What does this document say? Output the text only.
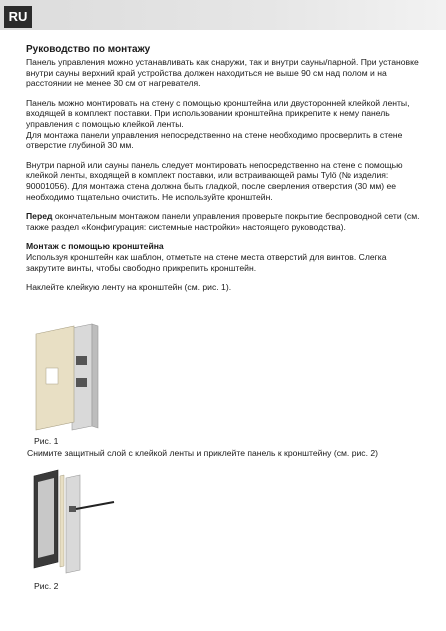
RU
Руководство по монтажу

Панель управления можно устанавливать как снаружи, так и внутри сауны/парной. При установке внутри сауны верхний край устройства должен находиться не выше 90 см над полом и на расстоянии не менее 30 см от нагревателя.

Панель можно монтировать на стену с помощью кронштейна или двусторонней клейкой ленты, входящей в комплект поставки. При использовании кронштейна прикрепите к нему панель управления с помощью клейкой ленты.

Для монтажа панели управления непосредственно на стене необходимо просверлить в стене отверстие глубиной 30 мм.

Внутри парной или сауны панель следует монтировать непосредственно на стене с помощью клейкой ленты, входящей в комплект поставки, или встраивающей рамы Tylö (№ изделия: 90001056). Для монтажа стена должна быть гладкой, после сверления отверстия (30 мм) ее необходимо тщательно очистить. Не используйте кронштейн.

Перед окончательным монтажом панели управления проверьте покрытие беспроводной сети (см. также раздел «Конфигурация: системные настройки» настоящего руководства).

Монтаж с помощью кронштейна

Используя кронштейн как шаблон, отметьте на стене места отверстий для винтов. Слегка закрутите винты, чтобы свободно прикрепить кронштейн.

Наклейте клейкую ленту на кронштейн (см. рис. 1).

Рис. 1
Снимите защитный слой с клейкой ленты и приклейте панель к кронштейну (см. рис. 2)
Рис. 2
